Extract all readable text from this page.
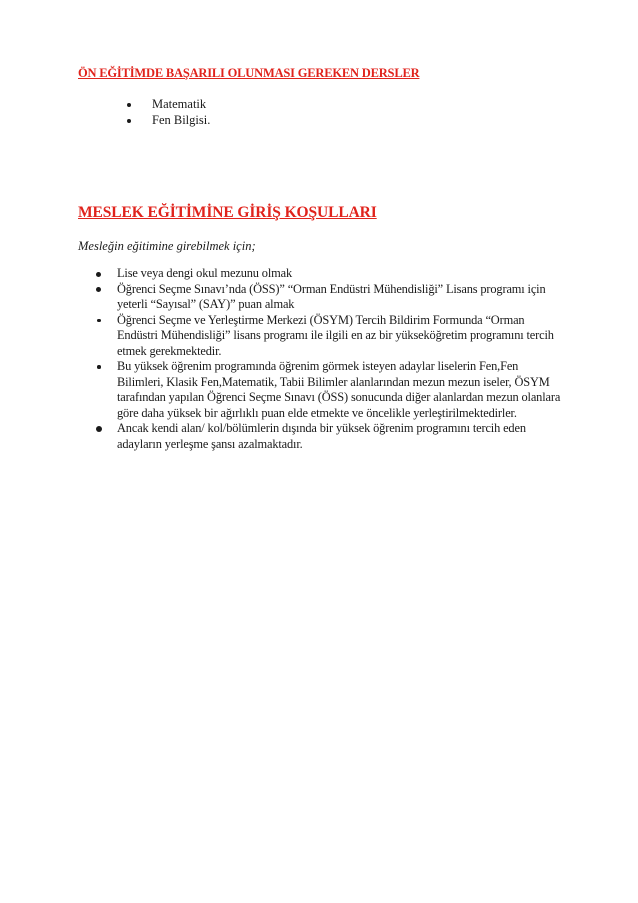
ÖN EĞİTİMDE BAŞARILI OLUNMASI GEREKEN DERSLER
Matematik
Fen Bilgisi.
MESLEK EĞİTİMİNE GİRİŞ KOŞULLARI
Mesleğin eğitimine girebilmek için;
Lise veya dengi okul mezunu olmak
Öğrenci Seçme Sınavı’nda (ÖSS)” “Orman Endüstri Mühendisliği” Lisans programı için yeterli “Sayısal” (SAY)” puan almak
Öğrenci Seçme ve Yerleştirme Merkezi (ÖSYM) Tercih Bildirim Formunda “Orman Endüstri Mühendisliği” lisans programı ile ilgili en az bir yükseköğretim programını tercih etmek gerekmektedir.
Bu yüksek öğrenim programında öğrenim görmek isteyen adaylar liselerin Fen,Fen Bilimleri, Klasik Fen,Matematik, Tabii Bilimler alanlarından mezun mezun iseler, ÖSYM tarafından yapılan Öğrenci Seçme Sınavı (ÖSS) sonucunda diğer alanlardan mezun olanlara göre daha yüksek bir ağırlıklı puan elde etmekte ve öncelikle yerleştirilmektedirler.
Ancak kendi alan/ kol/bölümlerin dışında bir yüksek öğrenim programını tercih eden adayların yerleşme şansı azalmaktadır.
